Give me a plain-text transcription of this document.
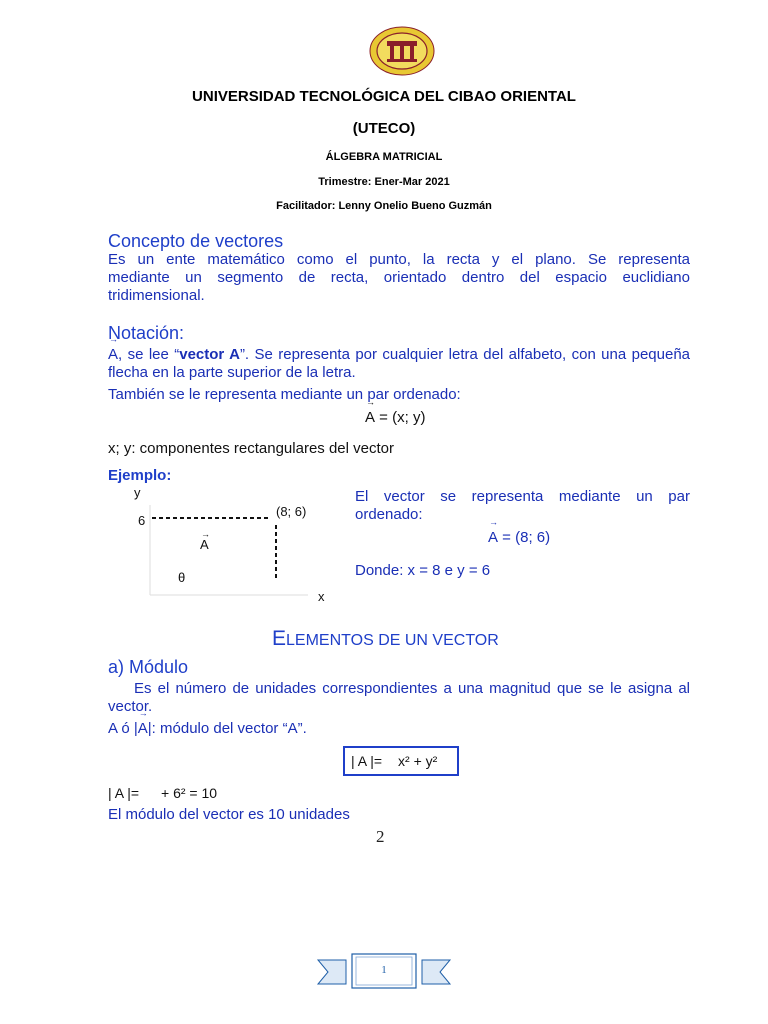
UNIVERSIDAD TECNOLÓGICA DEL CIBAO ORIENTAL
(UTECO)
ÁLGEBRA MATRICIAL
Trimestre: Ener-Mar 2021
Facilitador: Lenny Onelio Bueno Guzmán
Concepto de vectores
Es un ente matemático como el punto, la recta y el plano. Se representa
mediante un segmento de recta, orientado dentro del espacio euclidiano
tridimensional.
Notación:
→ A, se lee “vector A”. Se representa por cualquier letra del alfabeto, con una pequeña flecha en la parte superior de la letra.
También se le representa mediante un par ordenado:
→ A = (x; y)
x; y: componentes rectangulares del vector
Ejemplo:
y
x
6
(8; 6)
A
→
θ
El vector se representa mediante un par ordenado:
→ A = (8; 6)
Donde: x = 8 e y = 6
ELEMENTOS DE UN VECTOR
a) Módulo
Es el número de unidades correspondientes a una magnitud que se le asigna al vector.
A ó |→ A|: módulo del vector “A”.
| A |= x² + y²
| A |= + 6² = 10
El módulo del vector es 10 unidades
2
1
